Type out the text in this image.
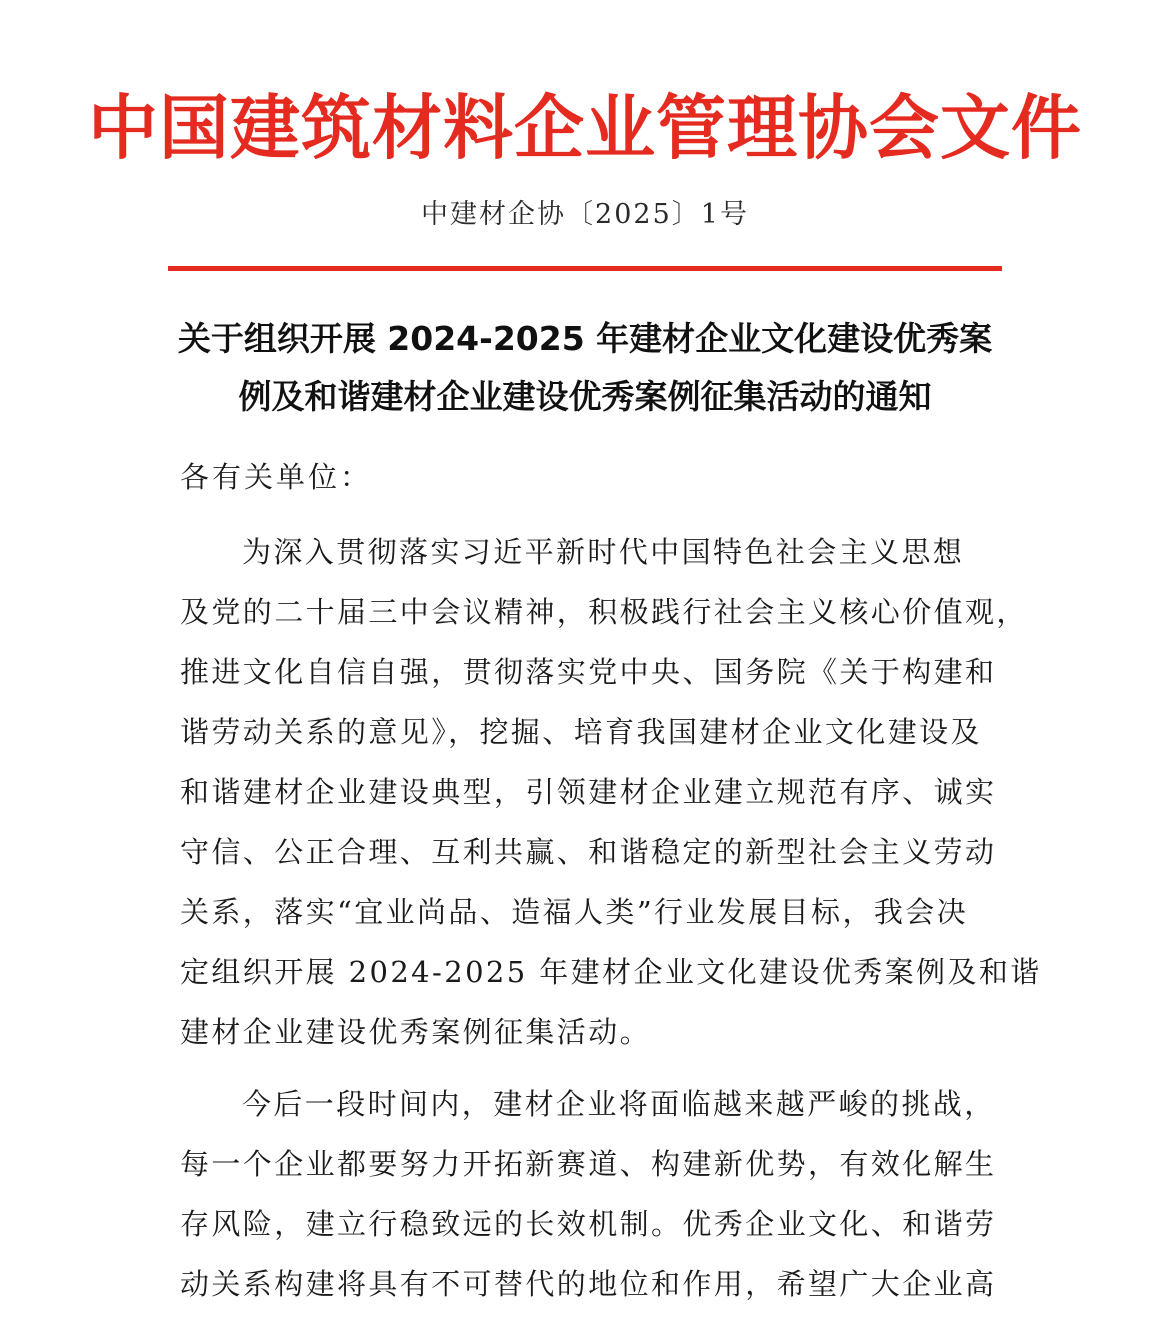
中国建筑材料企业管理协会文件
中建材企协〔2025〕1号
关于组织开展 2024-2025 年建材企业文化建设优秀案
例及和谐建材企业建设优秀案例征集活动的通知
各有关单位：
为深入贯彻落实习近平新时代中国特色社会主义思想
及党的二十届三中会议精神，积极践行社会主义核心价值观，
推进文化自信自强，贯彻落实党中央、国务院《关于构建和
谐劳动关系的意见》，挖掘、培育我国建材企业文化建设及
和谐建材企业建设典型，引领建材企业建立规范有序、诚实
守信、公正合理、互利共赢、和谐稳定的新型社会主义劳动
关系，落实“宜业尚品、造福人类”行业发展目标，我会决
定组织开展 2024-2025 年建材企业文化建设优秀案例及和谐
建材企业建设优秀案例征集活动。
今后一段时间内，建材企业将面临越来越严峻的挑战，
每一个企业都要努力开拓新赛道、构建新优势，有效化解生
存风险，建立行稳致远的长效机制。优秀企业文化、和谐劳
动关系构建将具有不可替代的地位和作用，希望广大企业高
